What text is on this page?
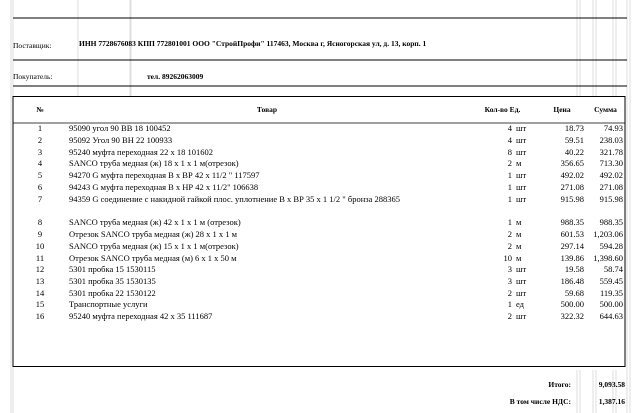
Поставщик:	ИНН 7728676083 КПП 772801001 ООО "СтройПрофи" 117463, Москва г, Ясногорская ул, д. 13, корп. 1
Покупатель:	тел. 89262063009
№	Товар	Кол-во Ед.		Цена	Сумма
1	95090 угол 90 ВВ 18 100452	4	шт	18.73	74.93
2	95092 Угол 90 ВН 22 100933	4	шт	59.51	238.03
3	95240 муфта переходная 22 х 18 101602	8	шт	40.22	321.78
4	SANCO труба медная (ж) 18 х 1 х 1 м(отрезок)	2	м	356.65	713.30
5	94270 G муфта переходная В х ВР 42 х 11/2 " 117597	1	шт	492.02	492.02
6	94243 G муфта переходная В х НР 42 х 11/2" 106638	1	шт	271.08	271.08
7	94359 G соединение с накидной гайкой плос. уплотнение В х ВР 35 х 1 1/2 " бронза 288365	1	шт	915.98	915.98
8	SANCO труба медная (ж) 42 х 1 х 1 м (отрезок)	1	м	988.35	988.35
9	Отрезок SANCO труба медная (ж) 28 х 1 х 1 м	2	м	601.53	1,203.06
10	SANCO труба медная (ж) 15 х 1 х 1 м(отрезок)	2	м	297.14	594.28
11	Отрезок SANCO труба медная (м) 6 х 1 х 50 м	10	м	139.86	1,398.60
12	5301 пробка 15 1530115	3	шт	19.58	58.74
13	5301 пробка 35 1530135	3	шт	186.48	559.45
14	5301 пробка 22 1530122	2	шт	59.68	119.35
15	Транспортные услуги	1	ед	500.00	500.00
16	95240 муфта переходная 42 х 35 111687	2	шт	322.32	644.63
Итого:	9,093.58
В том числе НДС:	1,387.16
